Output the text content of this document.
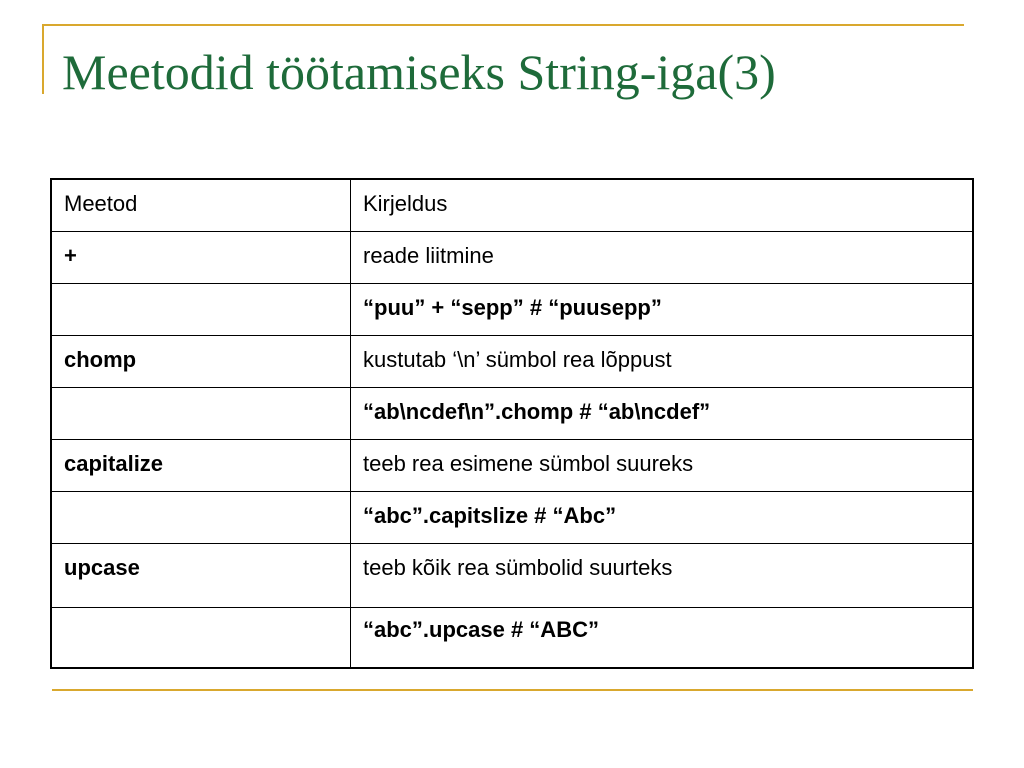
Meetodid töötamiseks String-iga(3)
Meetod	Kirjeldus
+	reade liitmine
	“puu” + “sepp” # “puusepp”
chomp	kustutab ‘\n’ sümbol rea lõppust
	“ab\ncdef\n”.chomp # “ab\ncdef”
capitalize	teeb rea esimene sümbol suureks
	“abc”.capitslize # “Abc”
upcase	teeb kõik rea sümbolid suurteks
	“abc”.upcase # “ABC”
